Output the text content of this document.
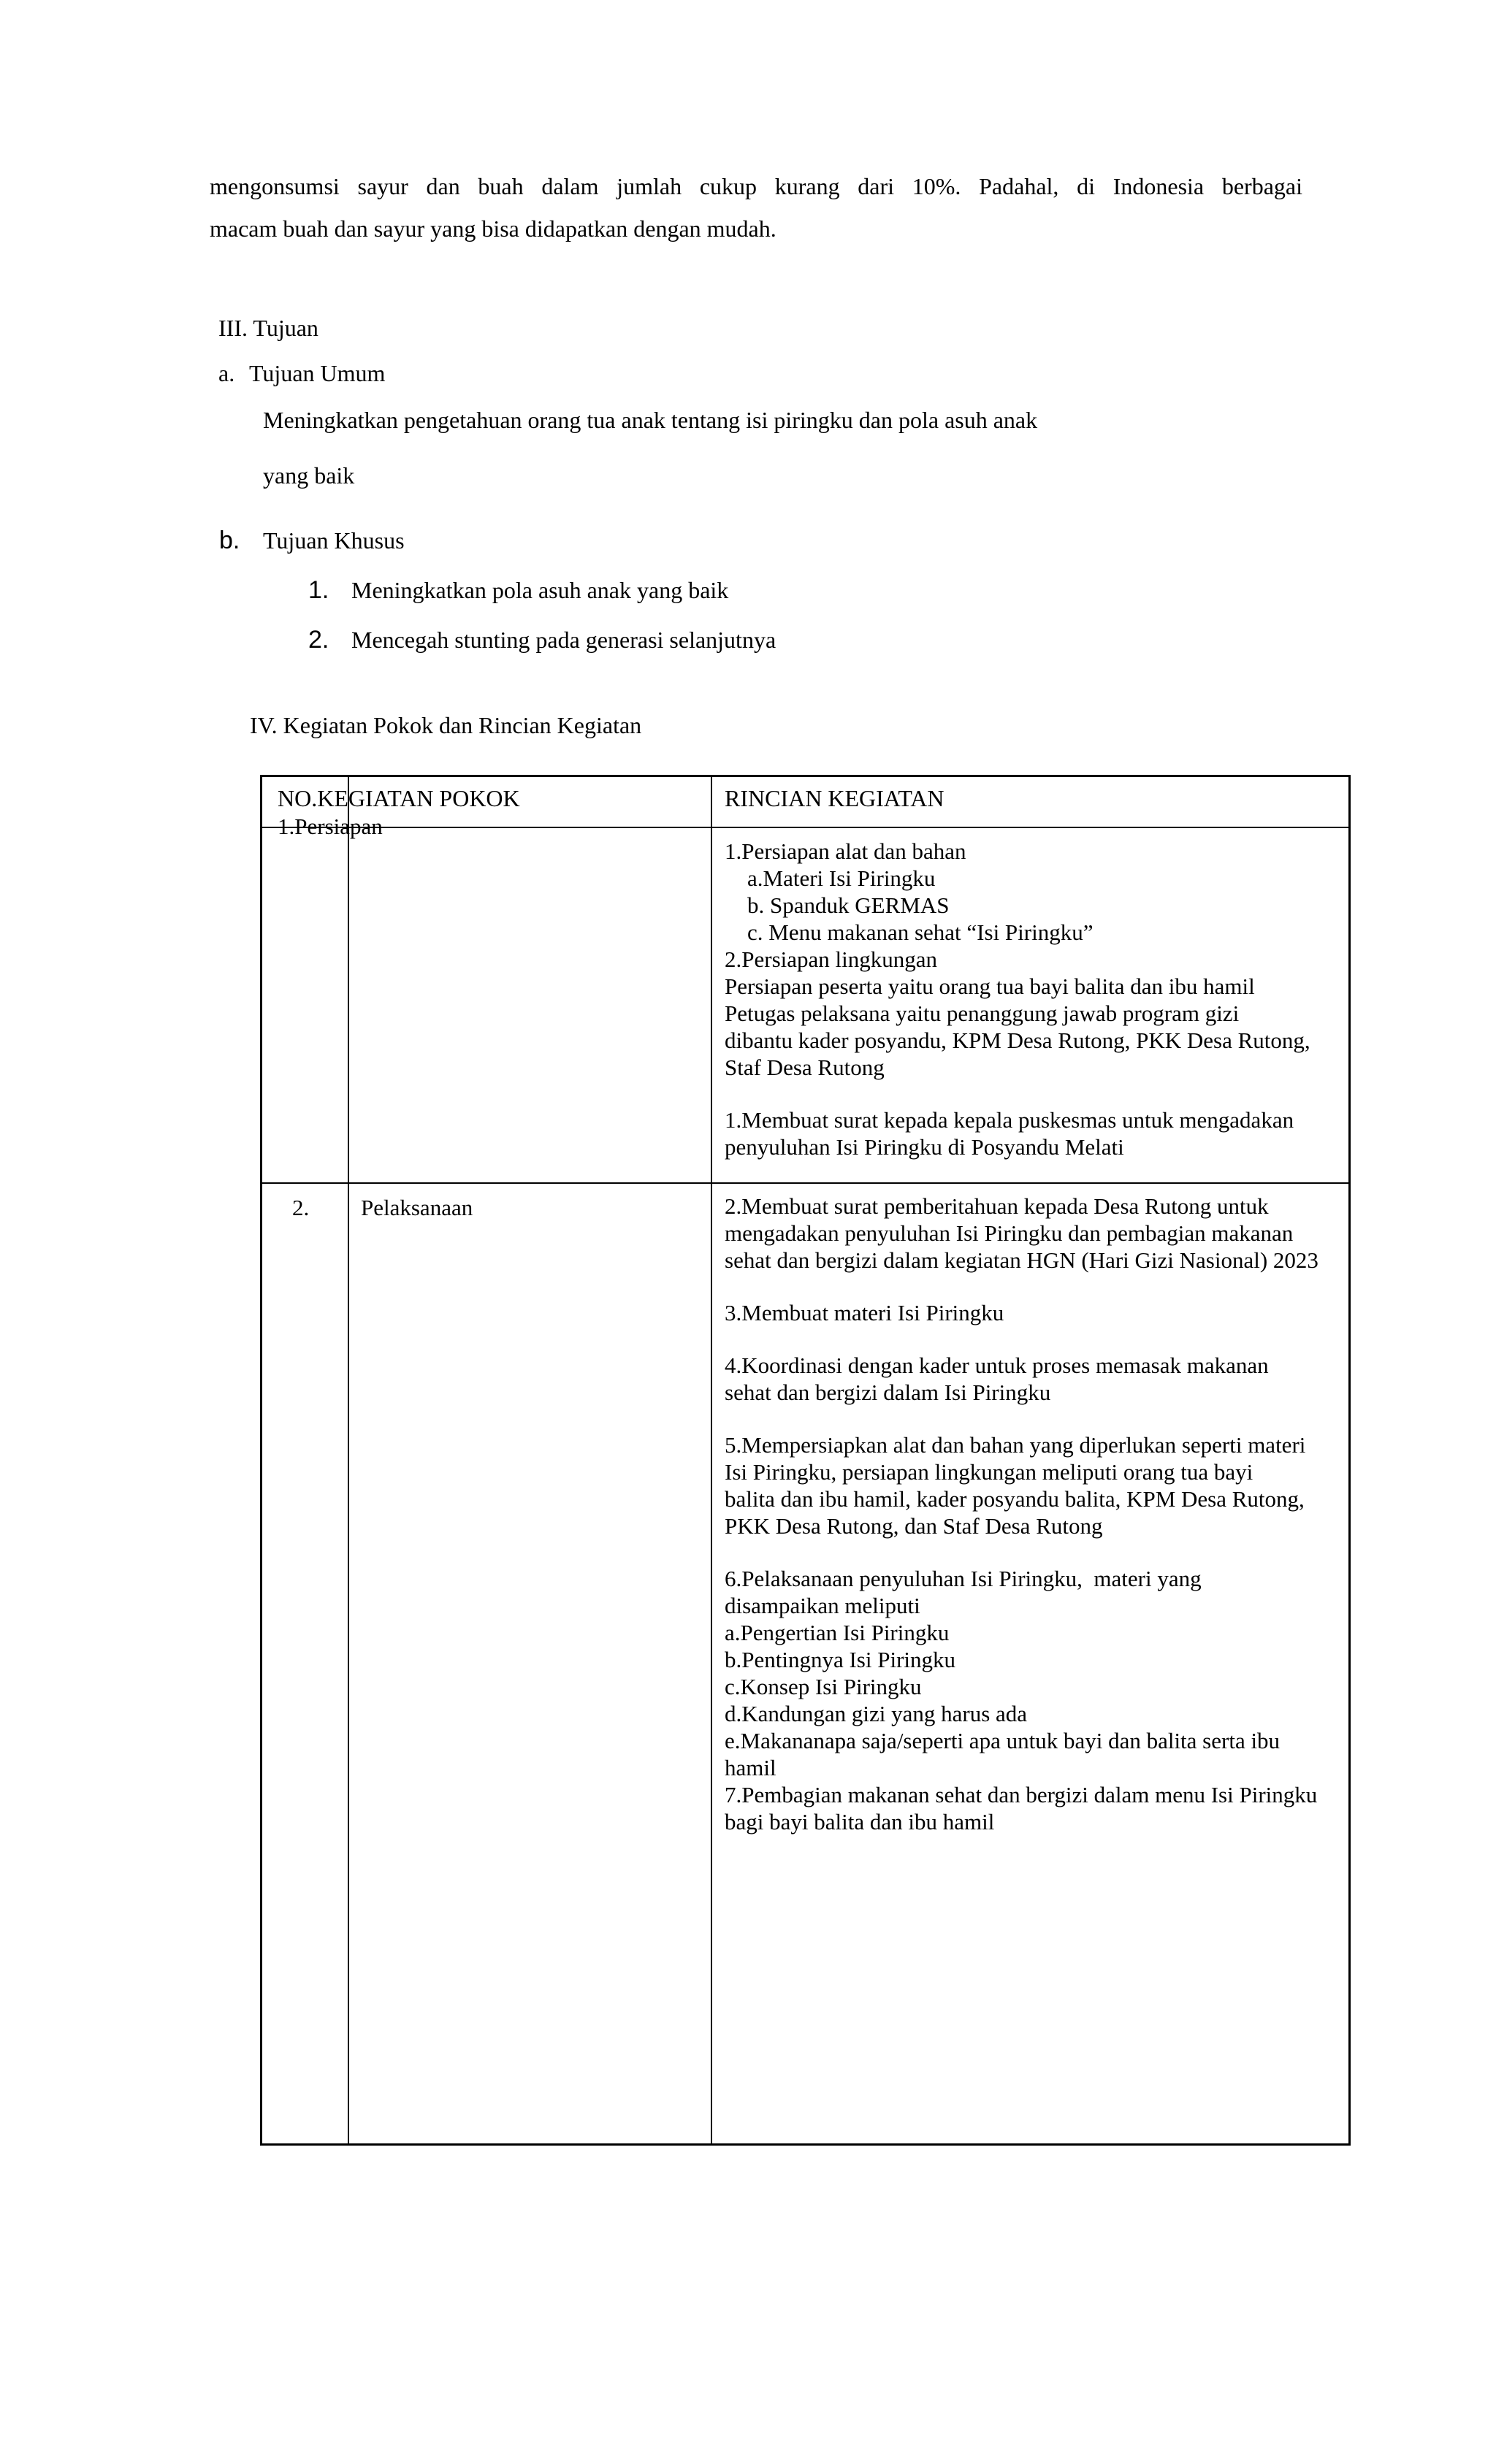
mengonsumsi sayur dan buah dalam jumlah cukup kurang dari 10%. Padahal, di Indonesia berbagai
macam buah dan sayur yang bisa didapatkan dengan mudah.
III. Tujuan
a. Tujuan Umum
Meningkatkan pengetahuan orang tua anak tentang isi piringku dan pola asuh anak
yang baik
b. Tujuan Khusus
1. Meningkatkan pola asuh anak yang baik
2. Mencegah stunting pada generasi selanjutnya
IV. Kegiatan Pokok dan Rincian Kegiatan
NO.KEGIATAN POKOK
1.Persiapan
RINCIAN KEGIATAN
1.Persiapan alat dan bahan
a.Materi Isi Piringku
b. Spanduk GERMAS
c. Menu makanan sehat “Isi Piringku”
2.Persiapan lingkungan
Persiapan peserta yaitu orang tua bayi balita dan ibu hamil
Petugas pelaksana yaitu penanggung jawab program gizi
dibantu kader posyandu, KPM Desa Rutong, PKK Desa Rutong,
Staf Desa Rutong
1.Membuat surat kepada kepala puskesmas untuk mengadakan
penyuluhan Isi Piringku di Posyandu Melati
2. Pelaksanaan	2.Membuat surat pemberitahuan kepada Desa Rutong untuk
mengadakan penyuluhan Isi Piringku dan pembagian makanan
sehat dan bergizi dalam kegiatan HGN (Hari Gizi Nasional) 2023
3.Membuat materi Isi Piringku
4.Koordinasi dengan kader untuk proses memasak makanan
sehat dan bergizi dalam Isi Piringku
5.Mempersiapkan alat dan bahan yang diperlukan seperti materi
Isi Piringku, persiapan lingkungan meliputi orang tua bayi
balita dan ibu hamil, kader posyandu balita, KPM Desa Rutong,
PKK Desa Rutong, dan Staf Desa Rutong
6.Pelaksanaan penyuluhan Isi Piringku,  materi yang
disampaikan meliputi
a.Pengertian Isi Piringku
b.Pentingnya Isi Piringku
c.Konsep Isi Piringku
d.Kandungan gizi yang harus ada
e.Makananapa saja/seperti apa untuk bayi dan balita serta ibu
hamil
7.Pembagian makanan sehat dan bergizi dalam menu Isi Piringku
bagi bayi balita dan ibu hamil
